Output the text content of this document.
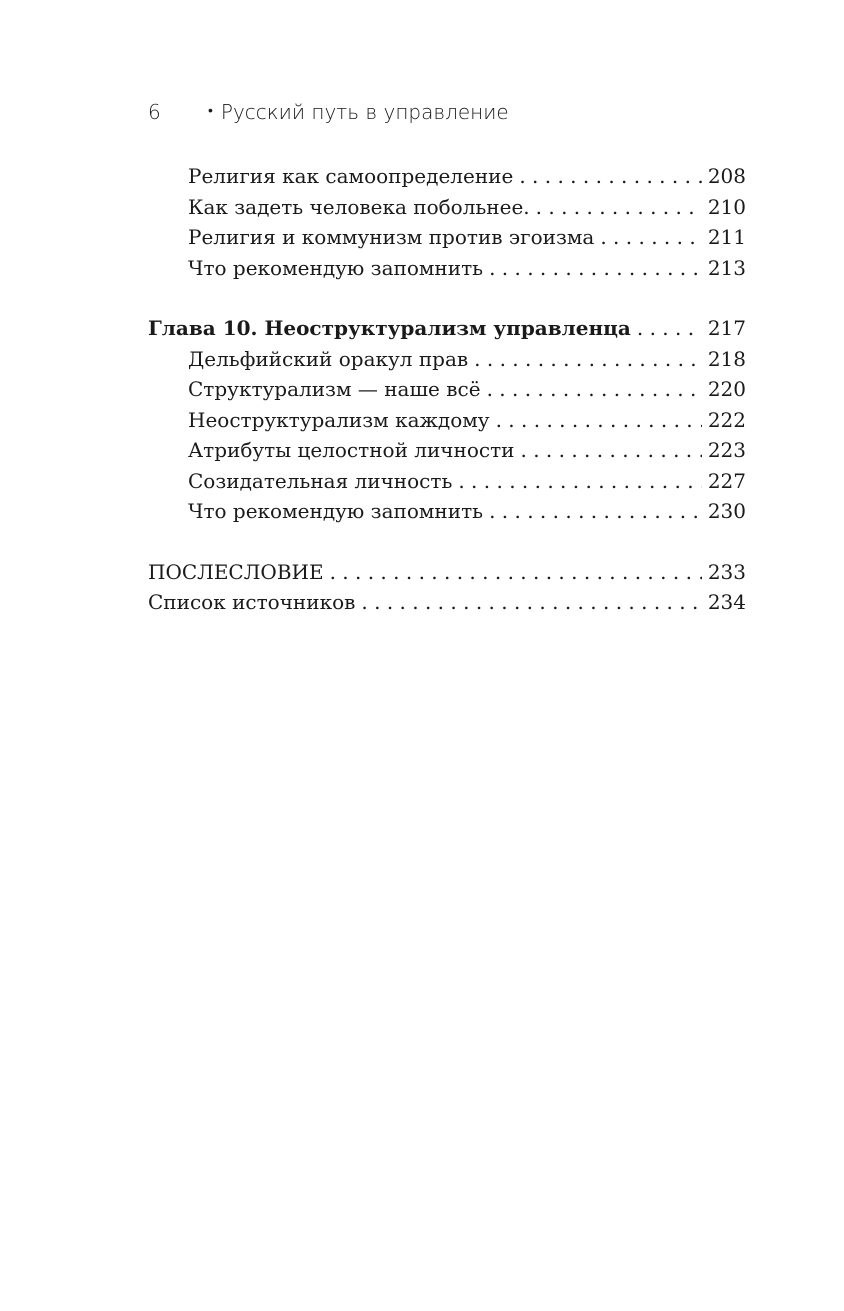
6	• Русский путь в управление
Религия как самоопределение . . .	208
Как задеть человека побольнее. . . .	210
Религия и коммунизм против эгоизма . . .	211
Что рекомендую запомнить . . .	213
Глава 10. Неоструктурализм управленца . . .	217
Дельфийский оракул прав . . .	218
Структурализм — наше всё . . .	220
Неоструктурализм каждому . . .	222
Атрибуты целостной личности . . .	223
Созидательная личность . . .	227
Что рекомендую запомнить . . .	230
ПОСЛЕСЛОВИЕ . . .	233
Список источников . . .	234
